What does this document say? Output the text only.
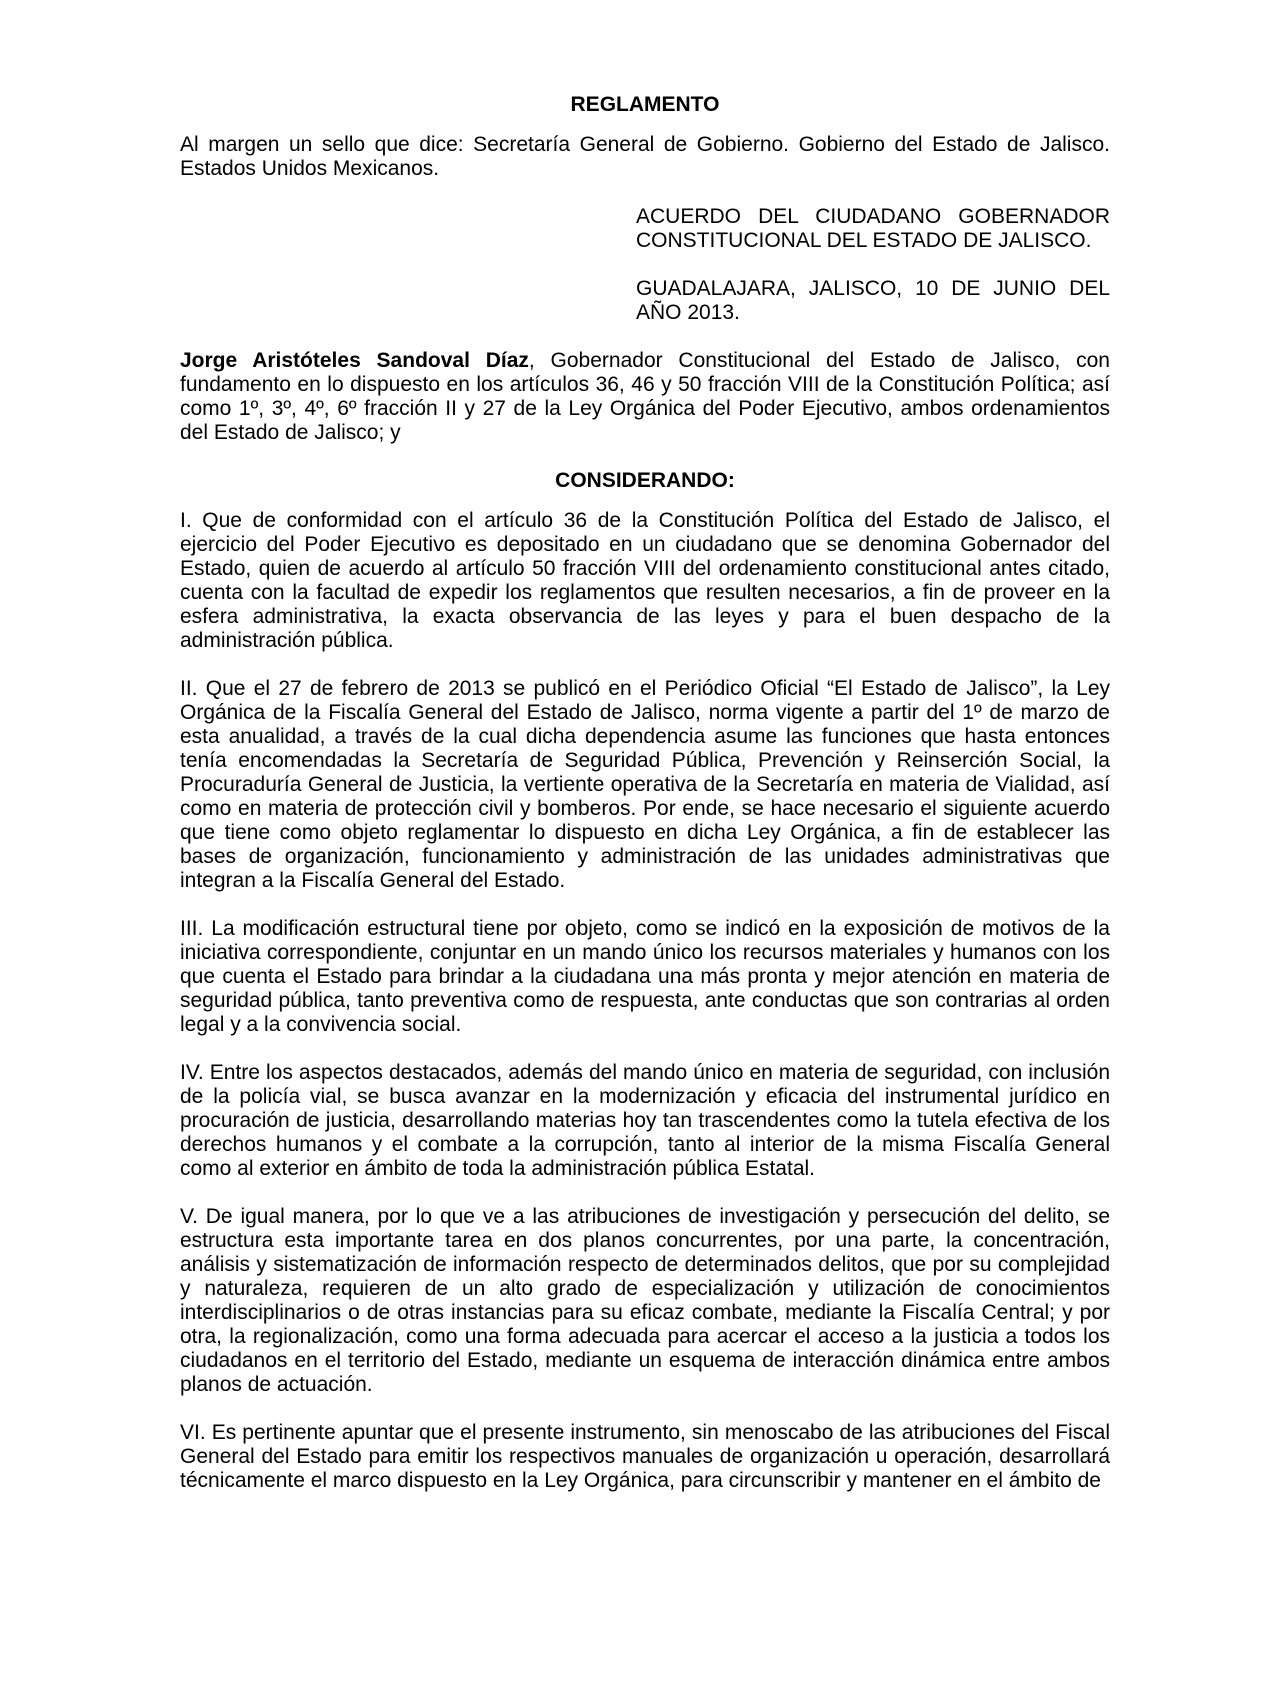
REGLAMENTO
Al margen un sello que dice: Secretaría General de Gobierno. Gobierno del Estado de Jalisco. Estados Unidos Mexicanos.
ACUERDO DEL CIUDADANO GOBERNADOR CONSTITUCIONAL DEL ESTADO DE JALISCO.
GUADALAJARA, JALISCO, 10 DE JUNIO DEL AÑO 2013.
Jorge Aristóteles Sandoval Díaz, Gobernador Constitucional del Estado de Jalisco, con fundamento en lo dispuesto en los artículos 36, 46 y 50 fracción VIII de la Constitución Política; así como 1º, 3º, 4º, 6º fracción II y 27 de la Ley Orgánica del Poder Ejecutivo, ambos ordenamientos del Estado de Jalisco; y
CONSIDERANDO:
I. Que de conformidad con el artículo 36 de la Constitución Política del Estado de Jalisco, el ejercicio del Poder Ejecutivo es depositado en un ciudadano que se denomina Gobernador del Estado, quien de acuerdo al artículo 50 fracción VIII del ordenamiento constitucional antes citado, cuenta con la facultad de expedir los reglamentos que resulten necesarios, a fin de proveer en la esfera administrativa, la exacta observancia de las leyes y para el buen despacho de la administración pública.
II. Que el 27 de febrero de 2013 se publicó en el Periódico Oficial “El Estado de Jalisco”, la Ley Orgánica de la Fiscalía General del Estado de Jalisco, norma vigente a partir del 1º de marzo de esta anualidad, a través de la cual dicha dependencia asume las funciones que hasta entonces tenía encomendadas la Secretaría de Seguridad Pública, Prevención y Reinserción Social, la Procuraduría General de Justicia, la vertiente operativa de la Secretaría en materia de Vialidad, así como en materia de protección civil y bomberos. Por ende, se hace necesario el siguiente acuerdo que tiene como objeto reglamentar lo dispuesto en dicha Ley Orgánica, a fin de establecer las bases de organización, funcionamiento y administración de las unidades administrativas que integran a la Fiscalía General del Estado.
III. La modificación estructural tiene por objeto, como se indicó en la exposición de motivos de la iniciativa correspondiente, conjuntar en un mando único los recursos materiales y humanos con los que cuenta el Estado para brindar a la ciudadana una más pronta y mejor atención en materia de seguridad pública, tanto preventiva como de respuesta, ante conductas que son contrarias al orden legal y a la convivencia social.
IV. Entre los aspectos destacados, además del mando único en materia de seguridad, con inclusión de la policía vial, se busca avanzar en la modernización y eficacia del instrumental jurídico en procuración de justicia, desarrollando materias hoy tan trascendentes como la tutela efectiva de los derechos humanos y el combate a la corrupción, tanto al interior de la misma Fiscalía General como al exterior en ámbito de toda la administración pública Estatal.
V. De igual manera, por lo que ve a las atribuciones de investigación y persecución del delito, se estructura esta importante tarea en dos planos concurrentes, por una parte, la concentración, análisis y sistematización de información respecto de determinados delitos, que por su complejidad y naturaleza, requieren de un alto grado de especialización y utilización de conocimientos interdisciplinarios o de otras instancias para su eficaz combate, mediante la Fiscalía Central; y por otra, la regionalización, como una forma adecuada para acercar el acceso a la justicia a todos los ciudadanos en el territorio del Estado, mediante un esquema de interacción dinámica entre ambos planos de actuación.
VI. Es pertinente apuntar que el presente instrumento, sin menoscabo de las atribuciones del Fiscal General del Estado para emitir los respectivos manuales de organización u operación, desarrollará técnicamente el marco dispuesto en la Ley Orgánica, para circunscribir y mantener en el ámbito de
